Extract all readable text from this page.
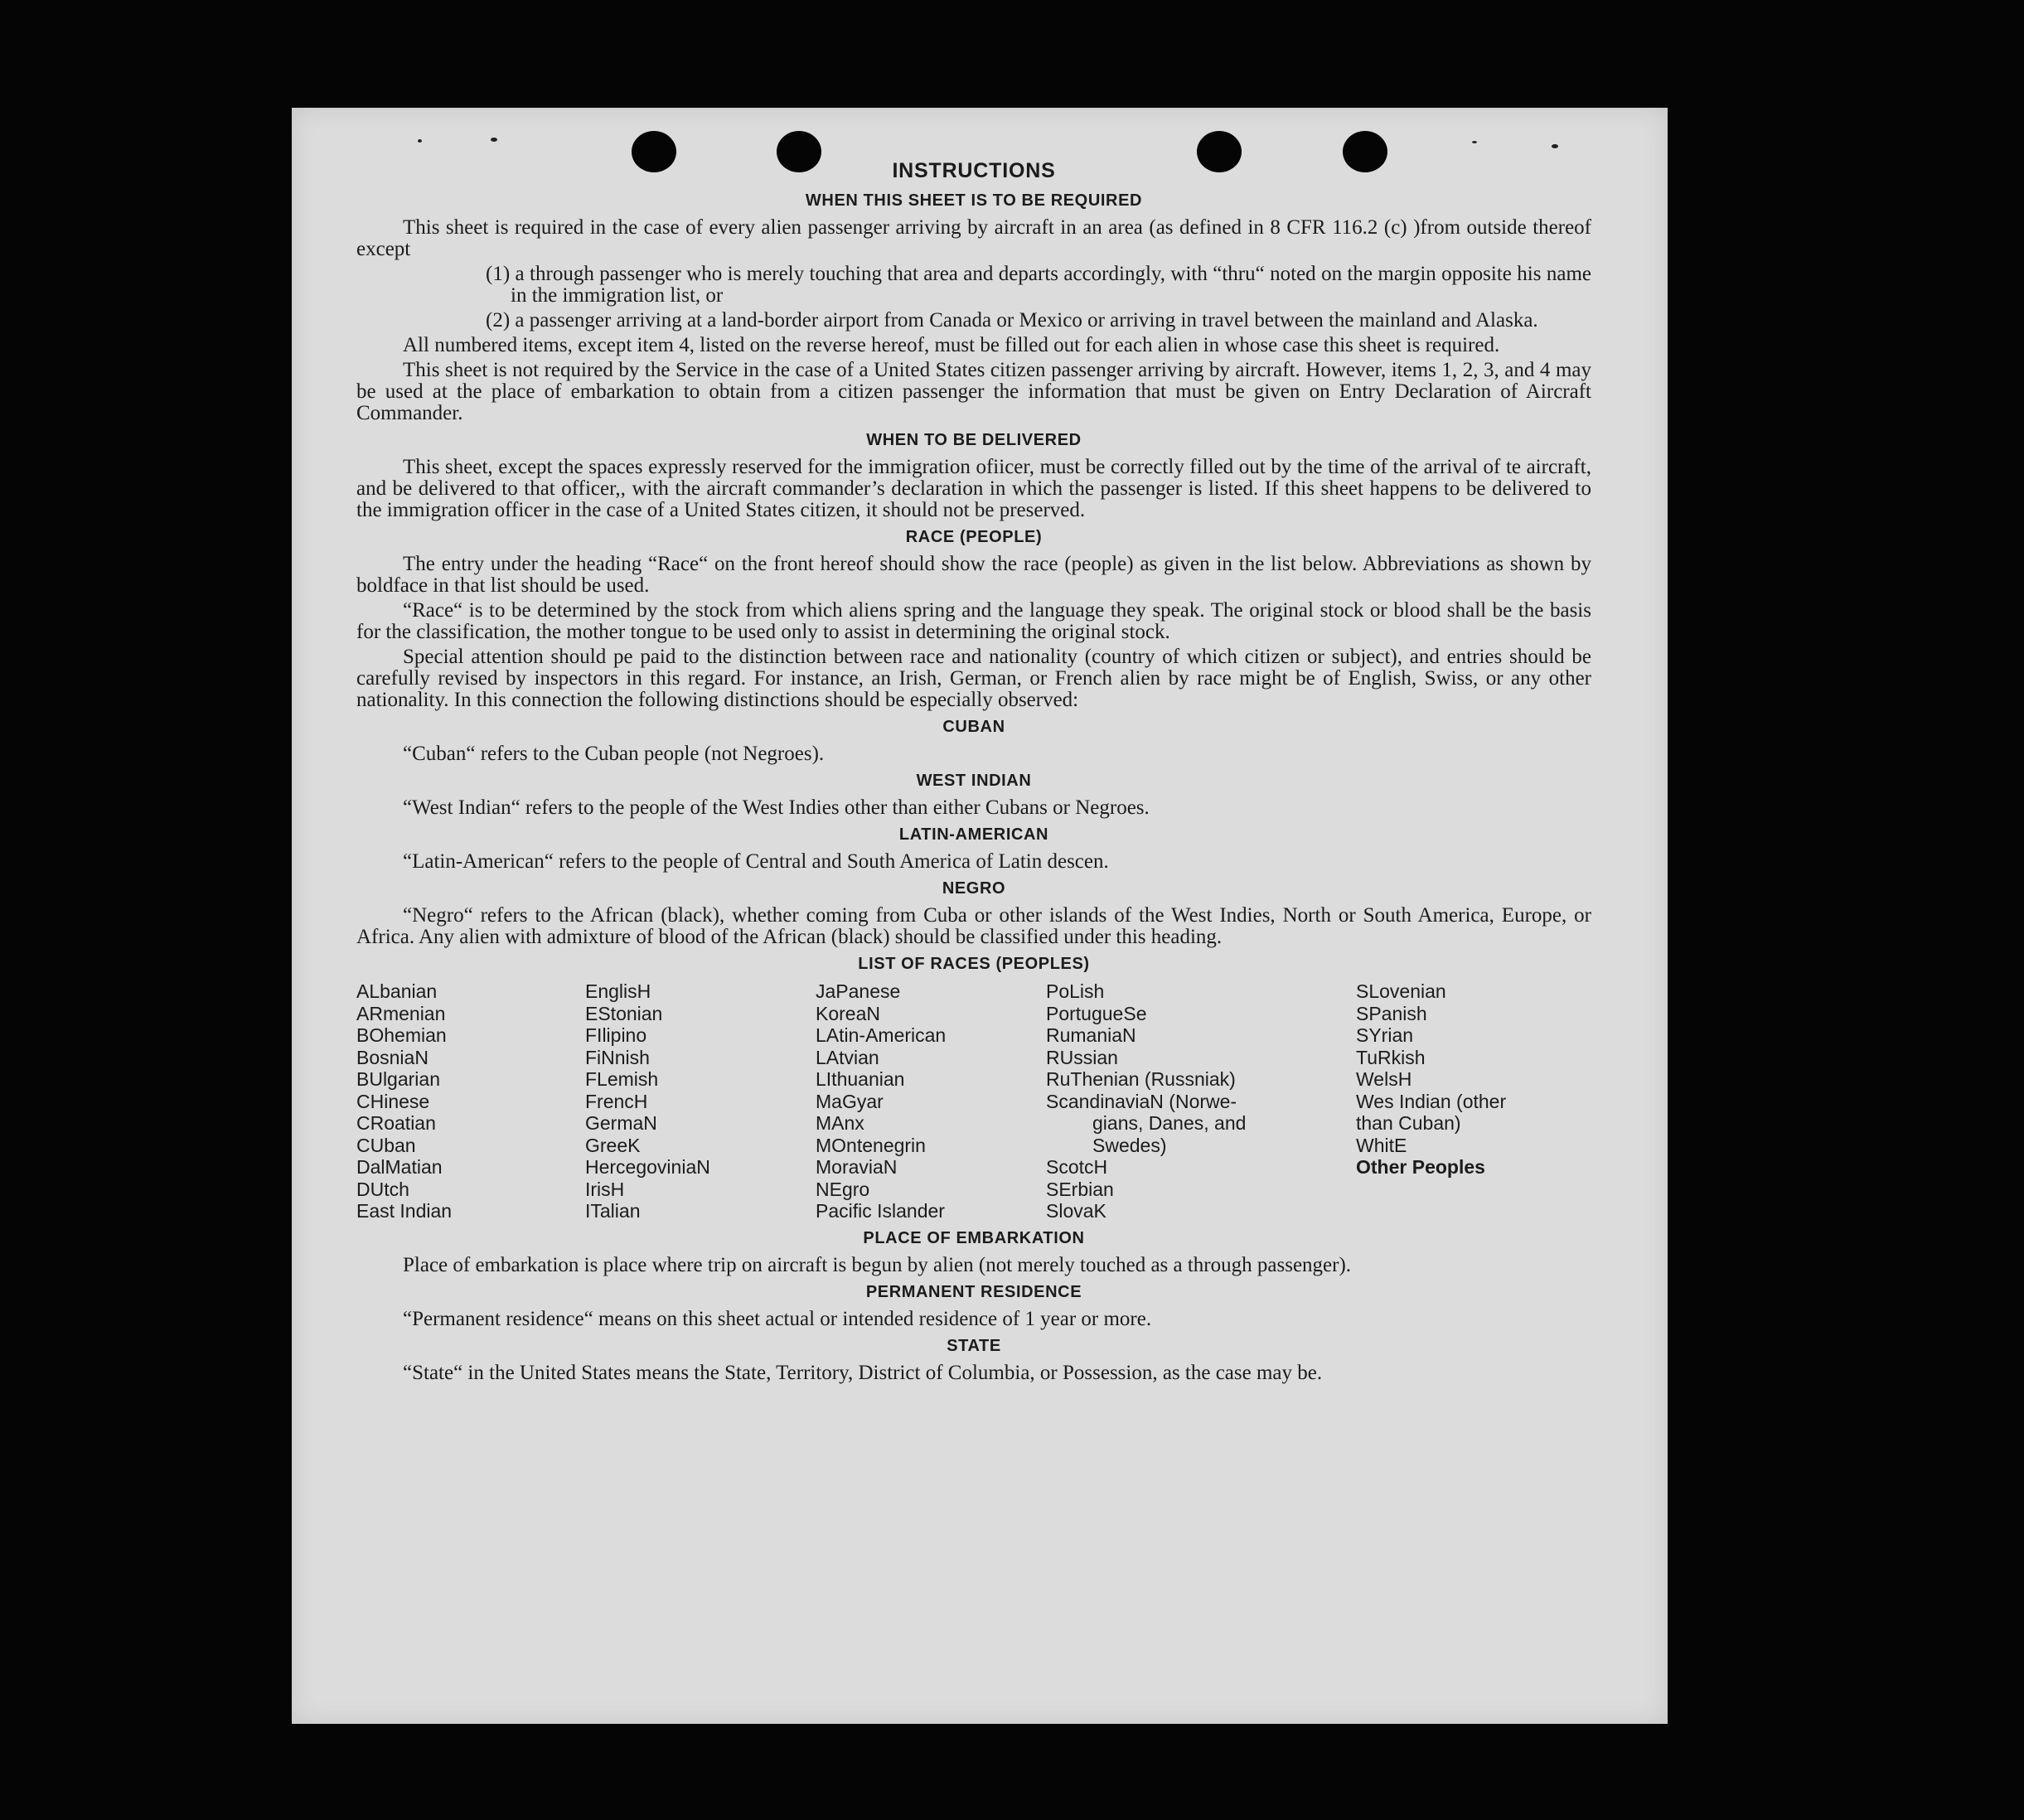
INSTRUCTIONS
WHEN THIS SHEET IS TO BE REQUIRED

This sheet is required in the case of every alien passenger arriving by aircraft in an area (as defined in 8 CFR 116.2 (c) )from outside thereof except

(1) a through passenger who is merely touching that area and departs accordingly, with “thru“ noted on the margin opposite his name in the immigration list, or

(2) a passenger arriving at a land-border airport from Canada or Mexico or arriving in travel between the mainland and Alaska.

All numbered items, except item 4, listed on the reverse hereof, must be filled out for each alien in whose case this sheet is required.

This sheet is not required by the Service in the case of a United States citizen passenger arriving by aircraft. However, items 1, 2, 3, and 4 may be used at the place of embarkation to obtain from a citizen passenger the information that must be given on Entry Declaration of Aircraft Commander.

WHEN TO BE DELIVERED

This sheet, except the spaces expressly reserved for the immigration ofiicer, must be correctly filled out by the time of the arrival of te aircraft, and be delivered to that officer,, with the aircraft commander’s declaration in which the passenger is listed. If this sheet happens to be delivered to the immigration officer in the case of a United States citizen, it should not be preserved.

RACE (PEOPLE)

The entry under the heading “Race“ on the front hereof should show the race (people) as given in the list below. Abbreviations as shown by boldface in that list should be used.

“Race“ is to be determined by the stock from which aliens spring and the language they speak. The original stock or blood shall be the basis for the classification, the mother tongue to be used only to assist in determining the original stock.

Special attention should pe paid to the distinction between race and nationality (country of which citizen or subject), and entries should be carefully revised by inspectors in this regard. For instance, an Irish, German, or French alien by race might be of English, Swiss, or any other nationality. In this connection the following distinctions should be especially observed:

CUBAN

“Cuban“ refers to the Cuban people (not Negroes).

WEST INDIAN

“West Indian“ refers to the people of the West Indies other than either Cubans or Negroes.

LATIN-AMERICAN

“Latin-American“ refers to the people of Central and South America of Latin descen.

NEGRO

“Negro“ refers to the African (black), whether coming from Cuba or other islands of the West Indies, North or South America, Europe, or Africa. Any alien with admixture of blood of the African (black) should be classified under this heading.

LIST OF RACES (PEOPLES)
ALbanian
ARmenian
BOhemian
BosniaN
BUlgarian
CHinese
CRoatian
CUban
DalMatian
DUtch
East Indian
EnglisH
EStonian
FIlipino
FiNnish
FLemish
FrencH
GermaN
GreeK
HercegoviniaN
IrisH
ITalian
JaPanese
KoreaN
LAtin-American
LAtvian
LIthuanian
MaGyar
MAnx
MOntenegrin
MoraviaN
NEgro
Pacific Islander
PoLish
PortugueSe
RumaniaN
RUssian
RuThenian (Russniak)
ScandinaviaN (Norwe-
gians, Danes, and
Swedes)
ScotcH
SErbian
SlovaK
SLovenian
SPanish
SYrian
TuRkish
WelsH
Wes Indian (other
than Cuban)
WhitE
Other Peoples
PLACE OF EMBARKATION

Place of embarkation is place where trip on aircraft is begun by alien (not merely touched as a through passenger).

PERMANENT RESIDENCE

“Permanent residence“ means on this sheet actual or intended residence of 1 year or more.

STATE

“State“ in the United States means the State, Territory, District of Columbia, or Possession, as the case may be.
